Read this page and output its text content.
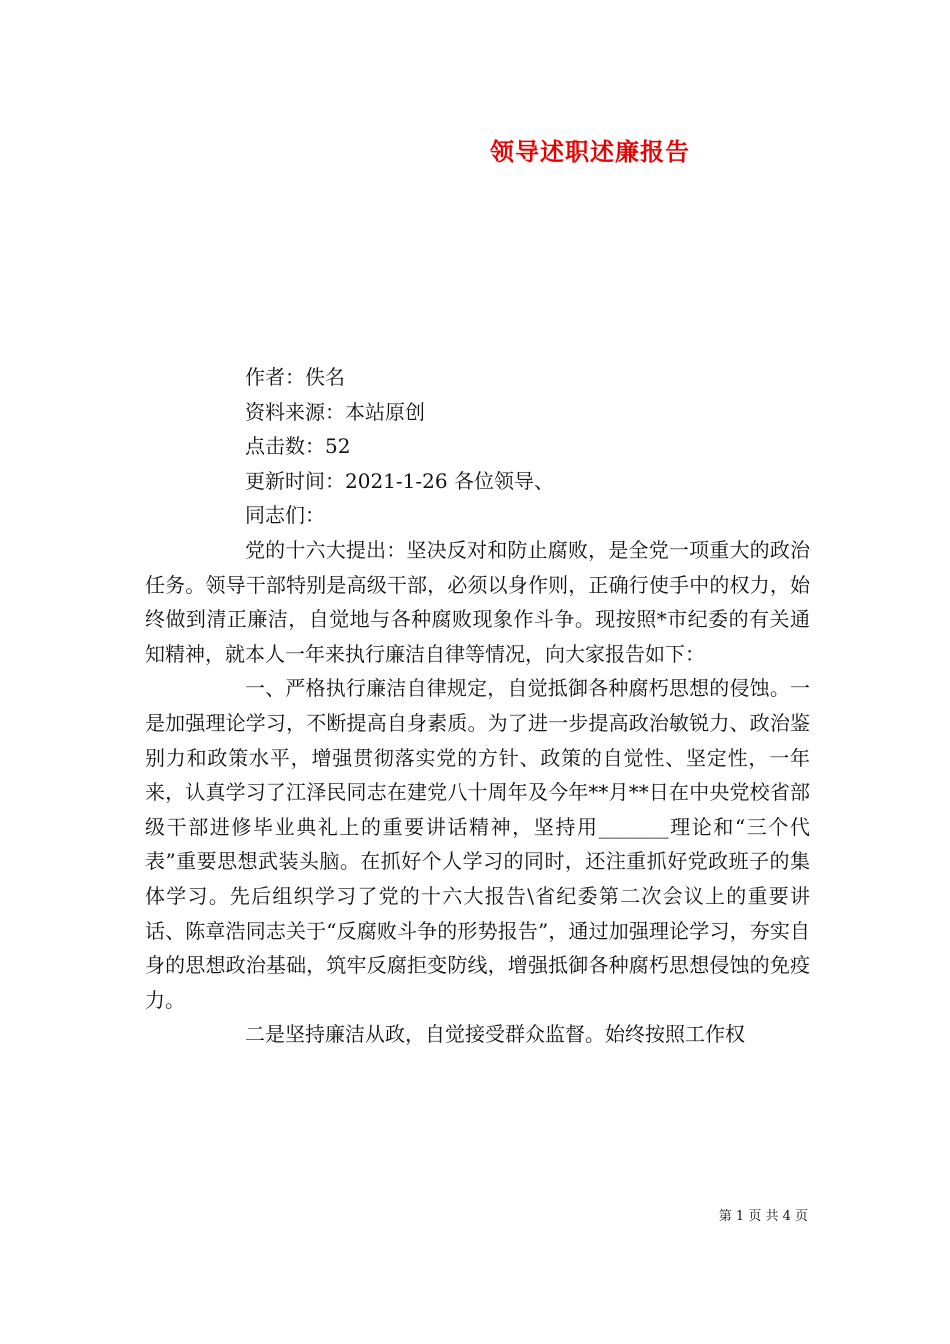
领导述职述廉报告
作者：佚名
资料来源：本站原创
点击数：52
更新时间：2021-1-26 各位领导、
同志们：

党的十六大提出：坚决反对和防止腐败，是全党一项重大的政治任务。领导干部特别是高级干部，必须以身作则，正确行使手中的权力，始终做到清正廉洁，自觉地与各种腐败现象作斗争。现按照*市纪委的有关通知精神，就本人一年来执行廉洁自律等情况，向大家报告如下：

一、严格执行廉洁自律规定，自觉抵御各种腐朽思想的侵蚀。一是加强理论学习，不断提高自身素质。为了进一步提高政治敏锐力、政治鉴别力和政策水平，增强贯彻落实党的方针、政策的自觉性、坚定性，一年来，认真学习了江泽民同志在建党八十周年及今年**月**日在中央党校省部级干部进修毕业典礼上的重要讲话精神，坚持用_______理论和“三个代表”重要思想武装头脑。在抓好个人学习的同时，还注重抓好党政班子的集体学习。先后组织学习了党的十六大报告\省纪委第二次会议上的重要讲话、陈章浩同志关于“反腐败斗争的形势报告”，通过加强理论学习，夯实自身的思想政治基础，筑牢反腐拒变防线，增强抵御各种腐朽思想侵蚀的免疫力。

二是坚持廉洁从政，自觉接受群众监督。始终按照工作权

第 1 页 共 4 页
